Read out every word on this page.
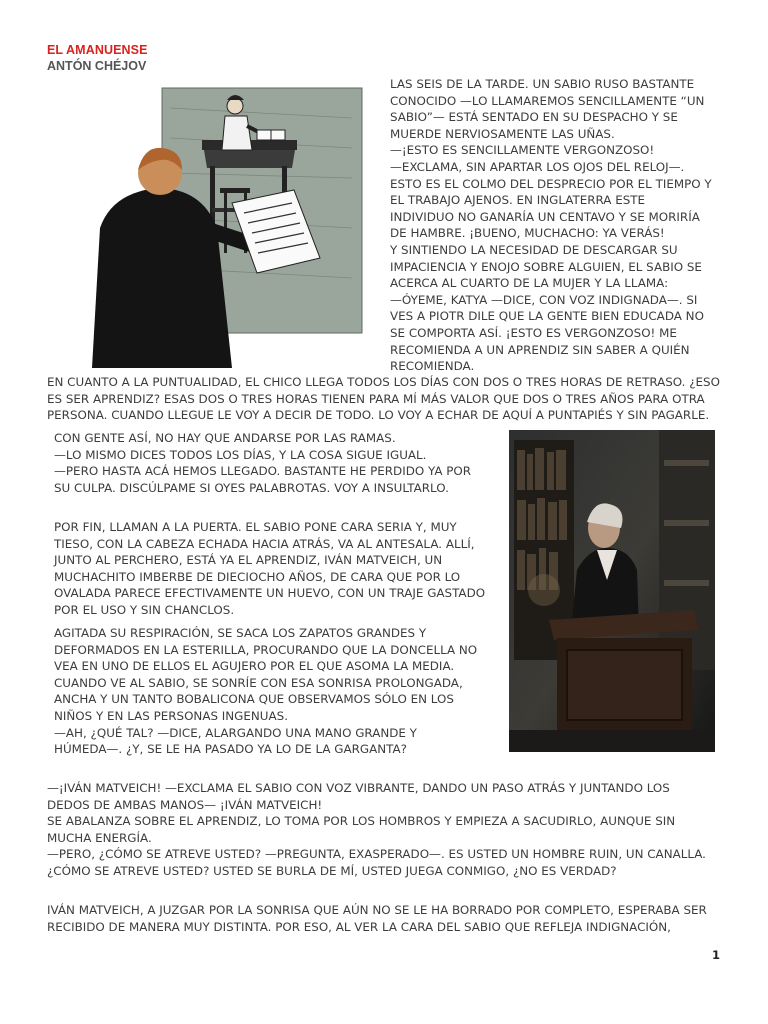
EL AMANUENSE
ANTÓN CHÉJOV
LAS SEIS DE LA TARDE. UN SABIO RUSO BASTANTE
CONOCIDO —LO LLAMAREMOS SENCILLAMENTE “UN
SABIO”— ESTÁ SENTADO EN SU DESPACHO Y SE
MUERDE NERVIOSAMENTE LAS UÑAS.
—¡ESTO ES SENCILLAMENTE VERGONZOSO!
—EXCLAMA, SIN APARTAR LOS OJOS DEL RELOJ—.
ESTO ES EL COLMO DEL DESPRECIO POR EL TIEMPO Y
EL TRABAJO AJENOS. EN INGLATERRA ESTE
INDIVIDUO NO GANARÍA UN CENTAVO Y SE MORIRÍA
DE HAMBRE. ¡BUENO, MUCHACHO: YA VERÁS!
Y SINTIENDO LA NECESIDAD DE DESCARGAR SU
IMPACIENCIA Y ENOJO SOBRE ALGUIEN, EL SABIO SE
ACERCA AL CUARTO DE LA MUJER Y LA LLAMA:
—ÓYEME, KATYA —DICE, CON VOZ INDIGNADA—. SI
VES A PIOTR DILE QUE LA GENTE BIEN EDUCADA NO
SE COMPORTA ASÍ. ¡ESTO ES VERGONZOSO! ME
RECOMIENDA A UN APRENDIZ SIN SABER A QUIÉN
RECOMIENDA.
EN CUANTO A LA PUNTUALIDAD, EL CHICO LLEGA TODOS LOS DÍAS CON DOS O TRES HORAS DE RETRASO. ¿ESO
ES SER APRENDIZ? ESAS DOS O TRES HORAS TIENEN PARA MÍ MÁS VALOR QUE DOS O TRES AÑOS PARA OTRA
PERSONA. CUANDO LLEGUE LE VOY A DECIR DE TODO. LO VOY A ECHAR DE AQUÍ A PUNTAPIÉS Y SIN PAGARLE.
CON GENTE ASÍ, NO HAY QUE ANDARSE POR LAS RAMAS.
—LO MISMO DICES TODOS LOS DÍAS, Y LA COSA SIGUE IGUAL.
—PERO HASTA ACÁ HEMOS LLEGADO. BASTANTE HE PERDIDO YA POR
SU CULPA. DISCÚLPAME SI OYES PALABROTAS. VOY A INSULTARLO.
POR FIN, LLAMAN A LA PUERTA. EL SABIO PONE CARA SERIA Y, MUY
TIESO, CON LA CABEZA ECHADA HACIA ATRÁS, VA AL ANTESALA. ALLÍ,
JUNTO AL PERCHERO, ESTÁ YA EL APRENDIZ, IVÁN MATVEICH, UN
MUCHACHITO IMBERBE DE DIECIOCHO AÑOS, DE CARA QUE POR LO
OVALADA PARECE EFECTIVAMENTE UN HUEVO, CON UN TRAJE GASTADO
POR EL USO Y SIN CHANCLOS.
AGITADA SU RESPIRACIÓN, SE SACA LOS ZAPATOS GRANDES Y
DEFORMADOS EN LA ESTERILLA, PROCURANDO QUE LA DONCELLA NO
VEA EN UNO DE ELLOS EL AGUJERO POR EL QUE ASOMA LA MEDIA.
CUANDO VE AL SABIO, SE SONRÍE CON ESA SONRISA PROLONGADA,
ANCHA Y UN TANTO BOBALICONA QUE OBSERVAMOS SÓLO EN LOS
NIÑOS Y EN LAS PERSONAS INGENUAS.
—AH, ¿QUÉ TAL? —DICE, ALARGANDO UNA MANO GRANDE Y
HÚMEDA—. ¿Y, SE LE HA PASADO YA LO DE LA GARGANTA?
—¡IVÁN MATVEICH! —EXCLAMA EL SABIO CON VOZ VIBRANTE, DANDO UN PASO ATRÁS Y JUNTANDO LOS
DEDOS DE AMBAS MANOS— ¡IVÁN MATVEICH!
SE ABALANZA SOBRE EL APRENDIZ, LO TOMA POR LOS HOMBROS Y EMPIEZA A SACUDIRLO, AUNQUE SIN
MUCHA ENERGÍA.
—PERO, ¿CÓMO SE ATREVE USTED? —PREGUNTA, EXASPERADO—. ES USTED UN HOMBRE RUIN, UN CANALLA.
¿CÓMO SE ATREVE USTED? USTED SE BURLA DE MÍ, USTED JUEGA CONMIGO, ¿NO ES VERDAD?
IVÁN MATVEICH, A JUZGAR POR LA SONRISA QUE AÚN NO SE LE HA BORRADO POR COMPLETO, ESPERABA SER
RECIBIDO DE MANERA MUY DISTINTA. POR ESO, AL VER LA CARA DEL SABIO QUE REFLEJA INDIGNACIÓN,
1
